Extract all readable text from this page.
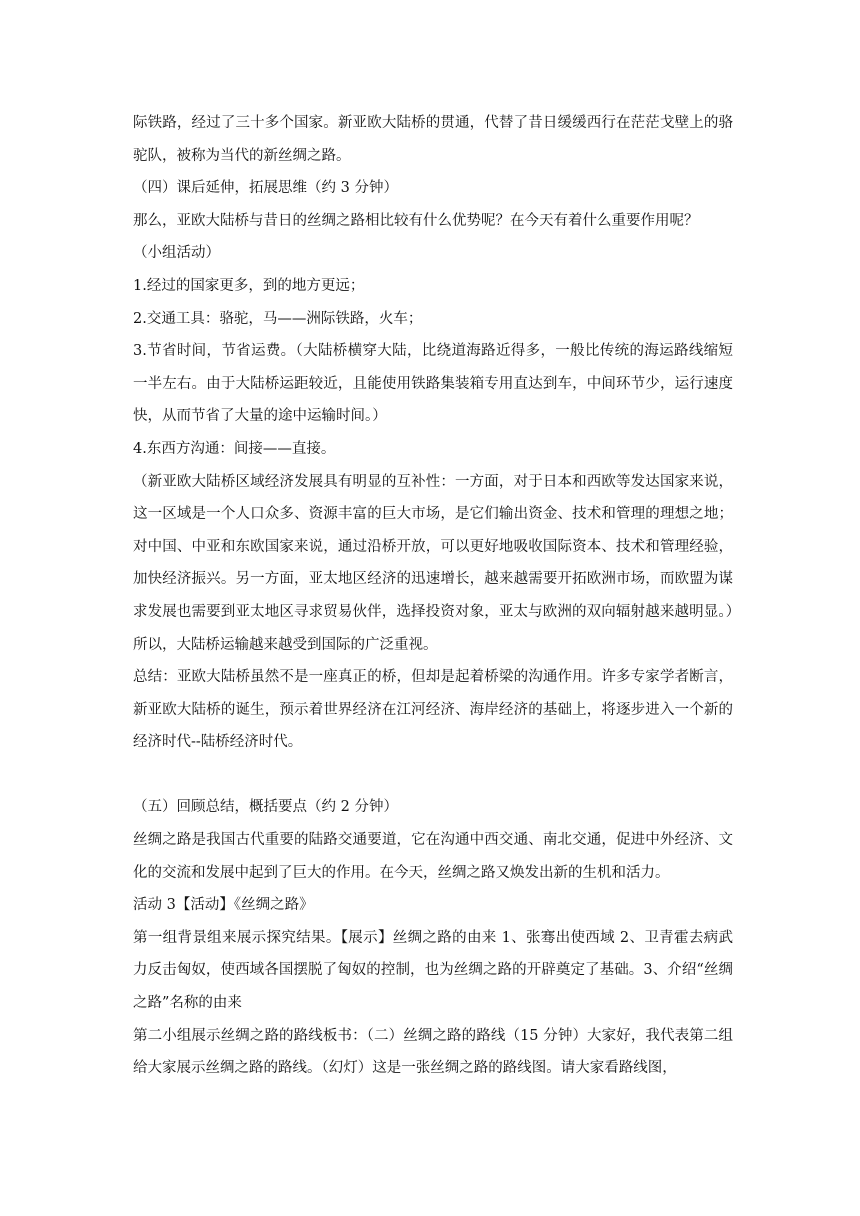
际铁路，经过了三十多个国家。新亚欧大陆桥的贯通，代替了昔日缓缓西行在茫茫戈壁上的骆驼队，被称为当代的新丝绸之路。

（四）课后延伸，拓展思维（约 3 分钟）

那么，亚欧大陆桥与昔日的丝绸之路相比较有什么优势呢？在今天有着什么重要作用呢？

（小组活动）

1.经过的国家更多，到的地方更远；

2.交通工具：骆驼，马——洲际铁路，火车；

3.节省时间，节省运费。（大陆桥横穿大陆，比绕道海路近得多，一般比传统的海运路线缩短一半左右。由于大陆桥运距较近，且能使用铁路集装箱专用直达到车，中间环节少，运行速度快，从而节省了大量的途中运输时间。）

4.东西方沟通：间接——直接。

（新亚欧大陆桥区域经济发展具有明显的互补性：一方面，对于日本和西欧等发达国家来说，这一区域是一个人口众多、资源丰富的巨大市场，是它们输出资金、技术和管理的理想之地；对中国、中亚和东欧国家来说，通过沿桥开放，可以更好地吸收国际资本、技术和管理经验，加快经济振兴。另一方面，亚太地区经济的迅速增长，越来越需要开拓欧洲市场，而欧盟为谋求发展也需要到亚太地区寻求贸易伙伴，选择投资对象，亚太与欧洲的双向辐射越来越明显。）所以，大陆桥运输越来越受到国际的广泛重视。

总结：亚欧大陆桥虽然不是一座真正的桥，但却是起着桥梁的沟通作用。许多专家学者断言，新亚欧大陆桥的诞生，预示着世界经济在江河经济、海岸经济的基础上，将逐步进入一个新的经济时代--陆桥经济时代。

（五）回顾总结，概括要点（约 2 分钟）

丝绸之路是我国古代重要的陆路交通要道，它在沟通中西交通、南北交通，促进中外经济、文化的交流和发展中起到了巨大的作用。在今天，丝绸之路又焕发出新的生机和活力。

活动 3【活动】《丝绸之路》

第一组背景组来展示探究结果。【展示】丝绸之路的由来 1、张骞出使西域 2、卫青霍去病武力反击匈奴，使西域各国摆脱了匈奴的控制，也为丝绸之路的开辟奠定了基础。3、介绍“丝绸之路”名称的由来

第二小组展示丝绸之路的路线板书：（二）丝绸之路的路线（15 分钟）大家好，我代表第二组给大家展示丝绸之路的路线。（幻灯）这是一张丝绸之路的路线图。请大家看路线图，
